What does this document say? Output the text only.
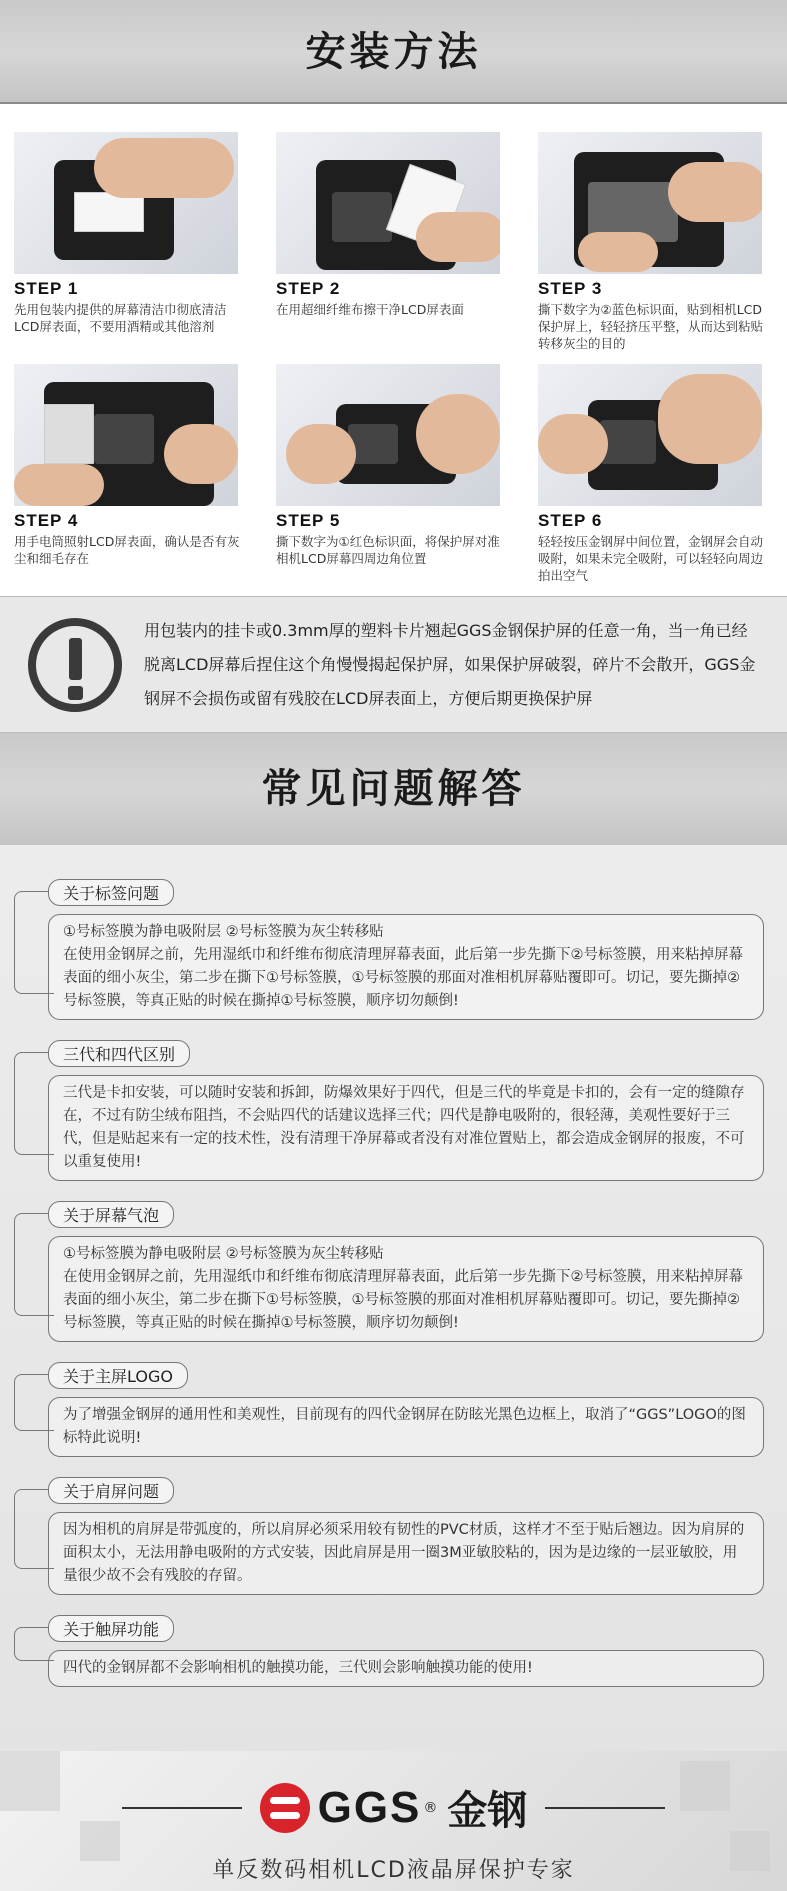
安装方法
STEP 1
先用包装内提供的屏幕清洁巾彻底清洁LCD屏表面，不要用酒精或其他溶剂
STEP 2
在用超细纤维布擦干净LCD屏表面
STEP 3
撕下数字为②蓝色标识面，贴到相机LCD保护屏上，轻轻挤压平整，从而达到粘贴转移灰尘的目的
STEP 4
用手电筒照射LCD屏表面，确认是否有灰尘和细毛存在
STEP 5
撕下数字为①红色标识面，将保护屏对准相机LCD屏幕四周边角位置
STEP 6
轻轻按压金钢屏中间位置，金钢屏会自动吸附，如果未完全吸附，可以轻轻向周边拍出空气
用包装内的挂卡或0.3mm厚的塑料卡片翘起GGS金钢保护屏的任意一角，当一角已经脱离LCD屏幕后捏住这个角慢慢揭起保护屏，如果保护屏破裂，碎片不会散开，GGS金钢屏不会损伤或留有残胶在LCD屏表面上，方便后期更换保护屏
常见问题解答
关于标签问题
①号标签膜为静电吸附层 ②号标签膜为灰尘转移贴
在使用金钢屏之前，先用湿纸巾和纤维布彻底清理屏幕表面，此后第一步先撕下②号标签膜，用来粘掉屏幕表面的细小灰尘，第二步在撕下①号标签膜，①号标签膜的那面对准相机屏幕贴覆即可。切记，要先撕掉②号标签膜，等真正贴的时候在撕掉①号标签膜，顺序切勿颠倒!
三代和四代区别
三代是卡扣安装，可以随时安装和拆卸，防爆效果好于四代，但是三代的毕竟是卡扣的，会有一定的缝隙存在，不过有防尘绒布阻挡，不会贴四代的话建议选择三代；四代是静电吸附的，很轻薄，美观性要好于三代，但是贴起来有一定的技术性，没有清理干净屏幕或者没有对准位置贴上，都会造成金钢屏的报废，不可以重复使用!
关于屏幕气泡
①号标签膜为静电吸附层 ②号标签膜为灰尘转移贴
在使用金钢屏之前，先用湿纸巾和纤维布彻底清理屏幕表面，此后第一步先撕下②号标签膜，用来粘掉屏幕表面的细小灰尘，第二步在撕下①号标签膜，①号标签膜的那面对准相机屏幕贴覆即可。切记，要先撕掉②号标签膜，等真正贴的时候在撕掉①号标签膜，顺序切勿颠倒!
关于主屏LOGO
为了增强金钢屏的通用性和美观性，目前现有的四代金钢屏在防眩光黑色边框上，取消了“GGS”LOGO的图标特此说明!
关于肩屏问题
因为相机的肩屏是带弧度的，所以肩屏必须采用较有韧性的PVC材质，这样才不至于贴后翘边。因为肩屏的面积太小，无法用静电吸附的方式安装，因此肩屏是用一圈3M亚敏胶粘的，因为是边缘的一层亚敏胶，用量很少故不会有残胶的存留。
关于触屏功能
四代的金钢屏都不会影响相机的触摸功能，三代则会影响触摸功能的使用!
GGS ® 金钢
单反数码相机LCD液晶屏保护专家
